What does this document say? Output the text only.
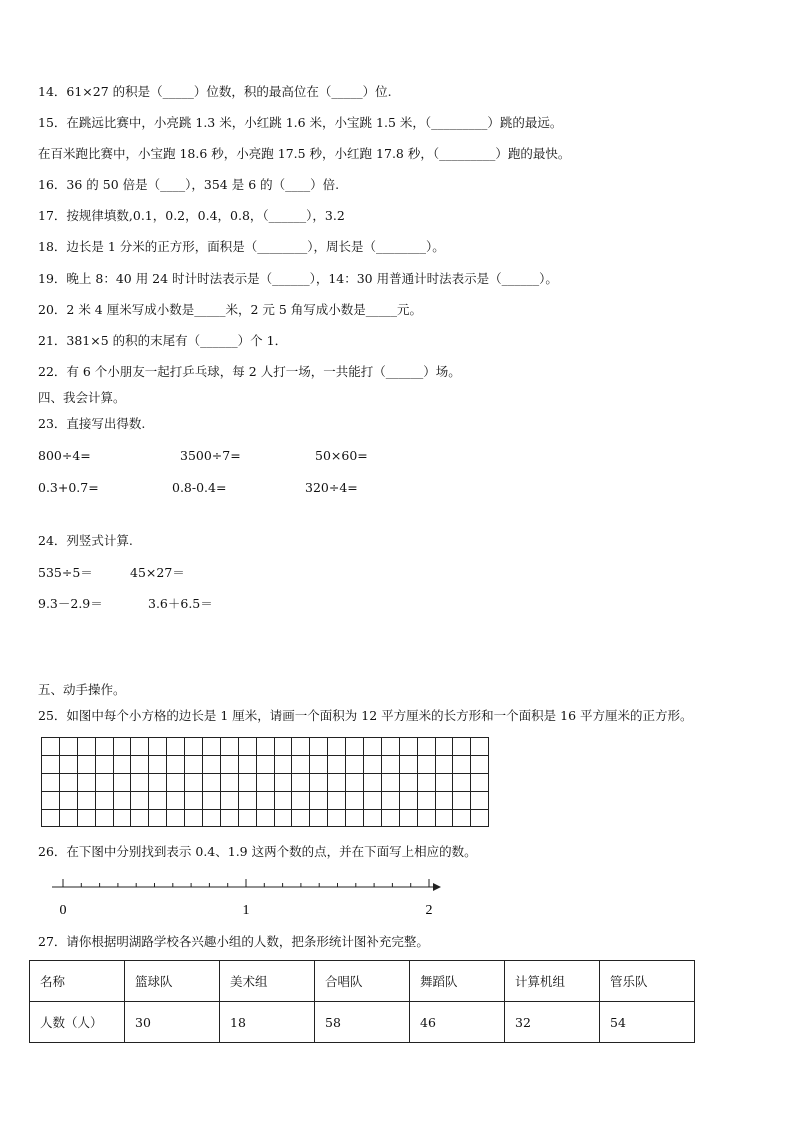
14．61×27 的积是（_____）位数，积的最高位在（_____）位.
15．在跳远比赛中，小亮跳 1.3 米，小红跳 1.6 米，小宝跳 1.5 米，（_________）跳的最远。
在百米跑比赛中，小宝跑 18.6 秒，小亮跑 17.5 秒，小红跑 17.8 秒，（_________）跑的最快。
16．36 的 50 倍是（____），354 是 6 的（____）倍.
17．按规律填数,0.1，0.2，0.4，0.8，（______），3.2
18．边长是 1 分米的正方形，面积是（________），周长是（________）。
19．晚上 8：40 用 24 时计时法表示是（______），14：30 用普通计时法表示是（______）。
20．2 米 4 厘米写成小数是_____米，2 元 5 角写成小数是_____元。
21．381×5 的积的末尾有（______）个 1．
22．有 6 个小朋友一起打乒乓球，每 2 人打一场，一共能打（______）场。
四、我会计算。
23．直接写出得数.
800÷4=	3500÷7=	50×60=
0.3+0.7=	0.8-0.4=	320÷4=
24．列竖式计算.
535÷5＝	45×27＝
9.3－2.9＝	3.6＋6.5＝
五、动手操作。
25．如图中每个小方格的边长是 1 厘米，请画一个面积为 12 平方厘米的长方形和一个面积是 16 平方厘米的正方形。

26．在下图中分别找到表示 0.4、1.9 这两个数的点，并在下面写上相应的数。
0	1	2
27．请你根据明湖路学校各兴趣小组的人数，把条形统计图补充完整。
名称	篮球队	美术组	合唱队	舞蹈队	计算机组	管乐队
人数（人）	30	18	58	46	32	54
